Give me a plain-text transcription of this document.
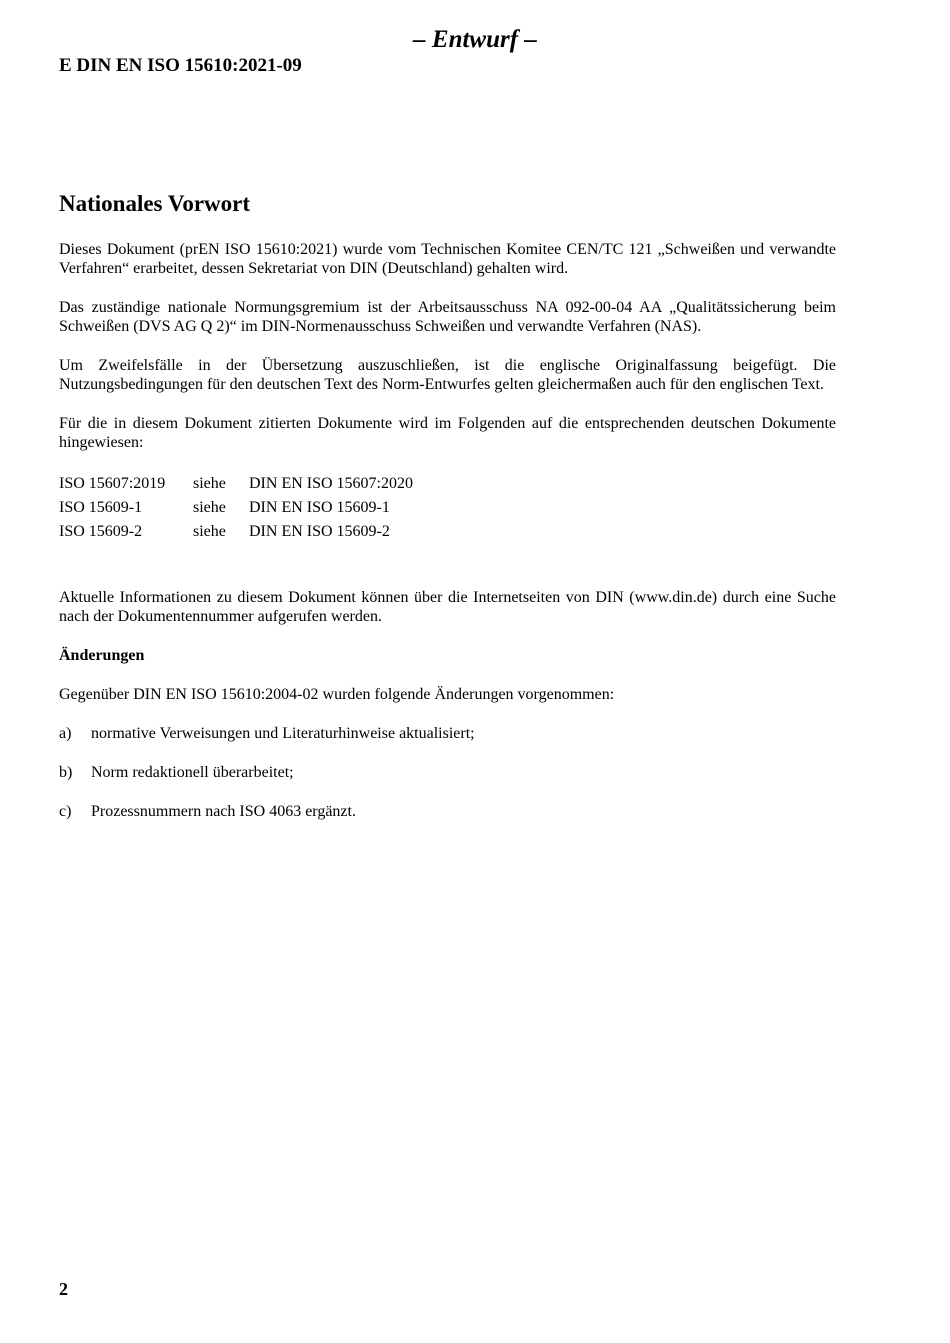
– Entwurf –
E DIN EN ISO 15610:2021-09
Nationales Vorwort

Dieses Dokument (prEN ISO 15610:2021) wurde vom Technischen Komitee CEN/TC 121 „Schweißen und verwandte Verfahren“ erarbeitet, dessen Sekretariat von DIN (Deutschland) gehalten wird.

Das zuständige nationale Normungsgremium ist der Arbeitsausschuss NA 092-00-04 AA „Qualitätssicherung beim Schweißen (DVS AG Q 2)“ im DIN-Normenausschuss Schweißen und verwandte Verfahren (NAS).

Um Zweifelsfälle in der Übersetzung auszuschließen, ist die englische Originalfassung beigefügt. Die Nutzungsbedingungen für den deutschen Text des Norm-Entwurfes gelten gleichermaßen auch für den englischen Text.

Für die in diesem Dokument zitierten Dokumente wird im Folgenden auf die entsprechenden deutschen Dokumente hingewiesen:

ISO 15607:2019	siehe	DIN EN ISO 15607:2020
ISO 15609-1	siehe	DIN EN ISO 15609-1
ISO 15609-2	siehe	DIN EN ISO 15609-2

Aktuelle Informationen zu diesem Dokument können über die Internetseiten von DIN (www.din.de) durch eine Suche nach der Dokumentennummer aufgerufen werden.

Änderungen

Gegenüber DIN EN ISO 15610:2004-02 wurden folgende Änderungen vorgenommen:

a)	normative Verweisungen und Literaturhinweise aktualisiert;
b)	Norm redaktionell überarbeitet;
c)	Prozessnummern nach ISO 4063 ergänzt.
2
